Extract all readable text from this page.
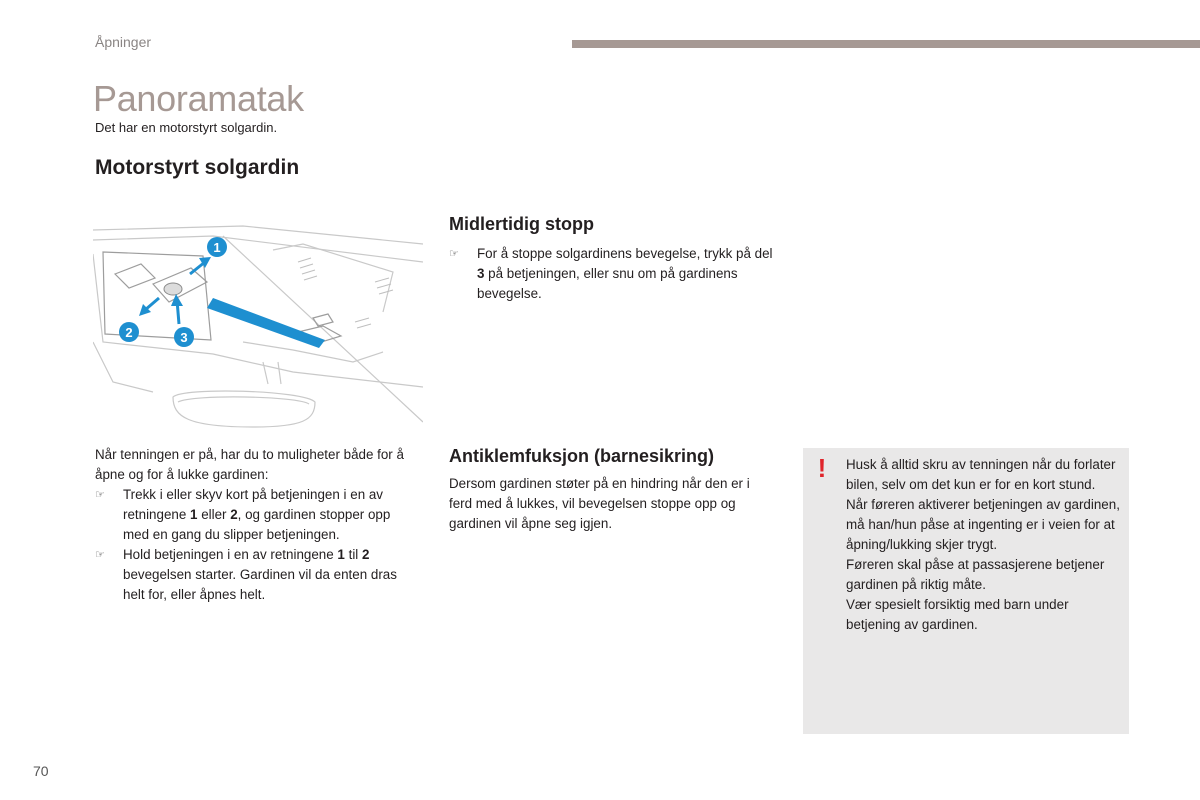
Åpninger
Panoramatak
Det har en motorstyrt solgardin.
Motorstyrt solgardin
1
2	3
Midlertidig stopp
☞ For å stoppe solgardinens bevegelse, trykk på del 3 på betjeningen, eller snu om på gardinens bevegelse.

Når tenningen er på, har du to muligheter både for å åpne og for å lukke gardinen:

☞ Trekk i eller skyv kort på betjeningen i en av retningene 1 eller 2, og gardinen stopper opp med en gang du slipper betjeningen.
☞ Hold betjeningen i en av retningene 1 til 2 bevegelsen starter. Gardinen vil da enten dras helt for, eller åpnes helt.
Antiklemfuksjon (barnesikring)
Dersom gardinen støter på en hindring når den er i ferd med å lukkes, vil bevegelsen stoppe opp og gardinen vil åpne seg igjen.
! Husk å alltid skru av tenningen når du forlater bilen, selv om det kun er for en kort stund.

Når føreren aktiverer betjeningen av gardinen, må han/hun påse at ingenting er i veien for at åpning/lukking skjer trygt.

Føreren skal påse at passasjerene betjener gardinen på riktig måte.

Vær spesielt forsiktig med barn under betjening av gardinen.

70
